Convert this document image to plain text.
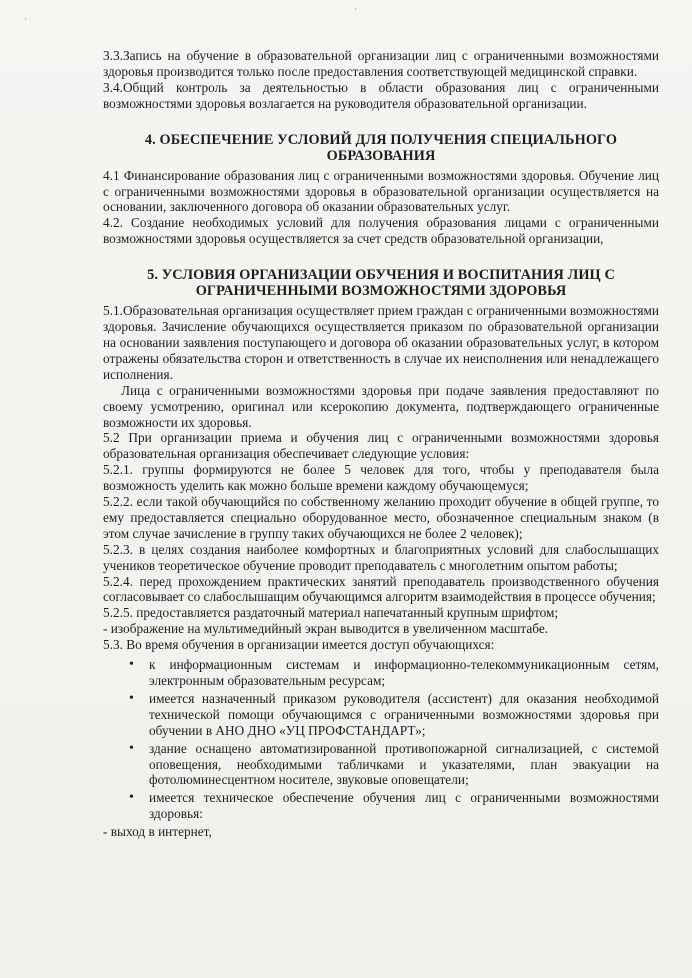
·
·

3.3.Запись на обучение в образовательной организации лиц с ограниченными возможностями здоровья производится только после предоставления соответствующей медицинской справки.

3.4.Общий контроль за деятельностью в области образования лиц с ограниченными возможностями здоровья возлагается на руководителя образовательной организации.

4. ОБЕСПЕЧЕНИЕ УСЛОВИЙ ДЛЯ ПОЛУЧЕНИЯ СПЕЦИАЛЬНОГО ОБРАЗОВАНИЯ

4.1 Финансирование образования лиц с ограниченными возможностями здоровья. Обучение лиц с ограниченными возможностями здоровья в образовательной организации осуществляется на основании, заключенного договора об оказании образовательных услуг.

4.2. Создание необходимых условий для получения образования лицами с ограниченными возможностями здоровья осуществляется за счет средств образовательной организации,

5. УСЛОВИЯ ОРГАНИЗАЦИИ ОБУЧЕНИЯ И ВОСПИТАНИЯ ЛИЦ С ОГРАНИЧЕННЫМИ ВОЗМОЖНОСТЯМИ ЗДОРОВЬЯ

5.1.Образовательная организация осуществляет прием граждан с ограниченными возможностями здоровья. Зачисление обучающихся осуществляется приказом по образовательной организации на основании заявления поступающего и договора об оказании образовательных услуг, в котором отражены обязательства сторон и ответственность в случае их неисполнения или ненадлежащего исполнения.

Лица с ограниченными возможностями здоровья при подаче заявления предоставляют по своему усмотрению, оригинал или ксерокопию документа, подтверждающего ограниченные возможности их здоровья.

5.2 При организации приема и обучения лиц с ограниченными возможностями здоровья образовательная организация обеспечивает следующие условия:

5.2.1. группы формируются не более 5 человек для того, чтобы у преподавателя была возможность уделить как можно больше времени каждому обучающемуся;

5.2.2. если такой обучающийся по собственному желанию проходит обучение в общей группе, то ему предоставляется специально оборудованное место, обозначенное специальным знаком (в этом случае зачисление в группу таких обучающихся не более 2 человек);

5.2.3. в целях создания наиболее комфортных и благоприятных условий для слабослышащих учеников теоретическое обучение проводит преподаватель с многолетним опытом работы;

5.2.4. перед прохождением практических занятий преподаватель производственного обучения согласовывает со слабослышащим обучающимся алгоритм взаимодействия в процессе обучения;

5.2.5. предоставляется раздаточный материал напечатанный крупным шрифтом;

- изображение на мультимедийный экран выводится в увеличенном масштабе.

5.3. Во время обучения в организации имеется доступ обучающихся:

• к информационным системам и информационно-телекоммуникационным сетям, электронным образовательным ресурсам;
• имеется назначенный приказом руководителя (ассистент) для оказания необходимой технической помощи обучающимся с ограниченными возможностями здоровья при обучении в АНО ДНО «УЦ ПРОФСТАНДАРТ»;
• здание оснащено автоматизированной противопожарной сигнализацией, с системой оповещения, необходимыми табличками и указателями, план эвакуации на фотолюминесцентном носителе, звуковые оповещатели;
• имеется техническое обеспечение обучения лиц с ограниченными возможностями здоровья:

- выход в интернет,
